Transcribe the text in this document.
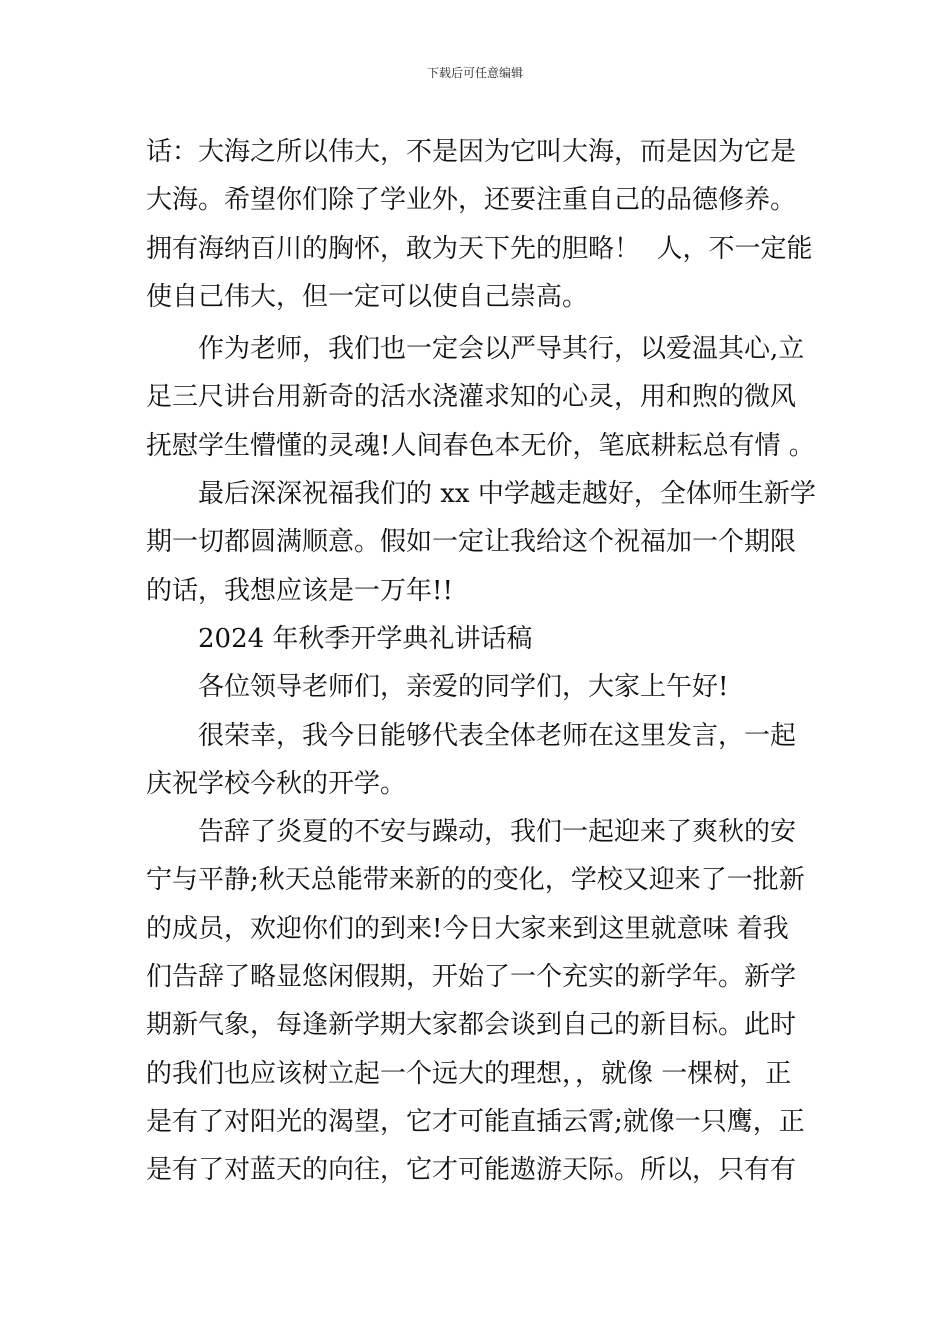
下载后可任意编辑
话：大海之所以伟大，不是因为它叫大海，而是因为它是
大海。希望你们除了学业外，还要注重自己的品德修养。
拥有海纳百川的胸怀，敢为天下先的胆略！  人，不一定能
使自己伟大，但一定可以使自己崇高。
作为老师，我们也一定会以严导其行，以爱温其心,立
足三尺讲台用新奇的活水浇灌求知的心灵，用和煦的微风
抚慰学生懵懂的灵魂!人间春色本无价，笔底耕耘总有情 。
最后深深祝福我们的 xx 中学越走越好，全体师生新学
期一切都圆满顺意。假如一定让我给这个祝福加一个期限
的话，我想应该是一万年!!
2024 年秋季开学典礼讲话稿
各位领导老师们，亲爱的同学们，大家上午好!
很荣幸，我今日能够代表全体老师在这里发言，一起
庆祝学校今秋的开学。
告辞了炎夏的不安与躁动，我们一起迎来了爽秋的安
宁与平静;秋天总能带来新的的变化，学校又迎来了一批新
的成员，欢迎你们的到来!今日大家来到这里就意味 着我
们告辞了略显悠闲假期，开始了一个充实的新学年。新学
期新气象，每逢新学期大家都会谈到自己的新目标。此时
的我们也应该树立起一个远大的理想，，就像 一棵树，正
是有了对阳光的渴望，它才可能直插云霄;就像一只鹰，正
是有了对蓝天的向往，它才可能遨游天际。所以，只有有
